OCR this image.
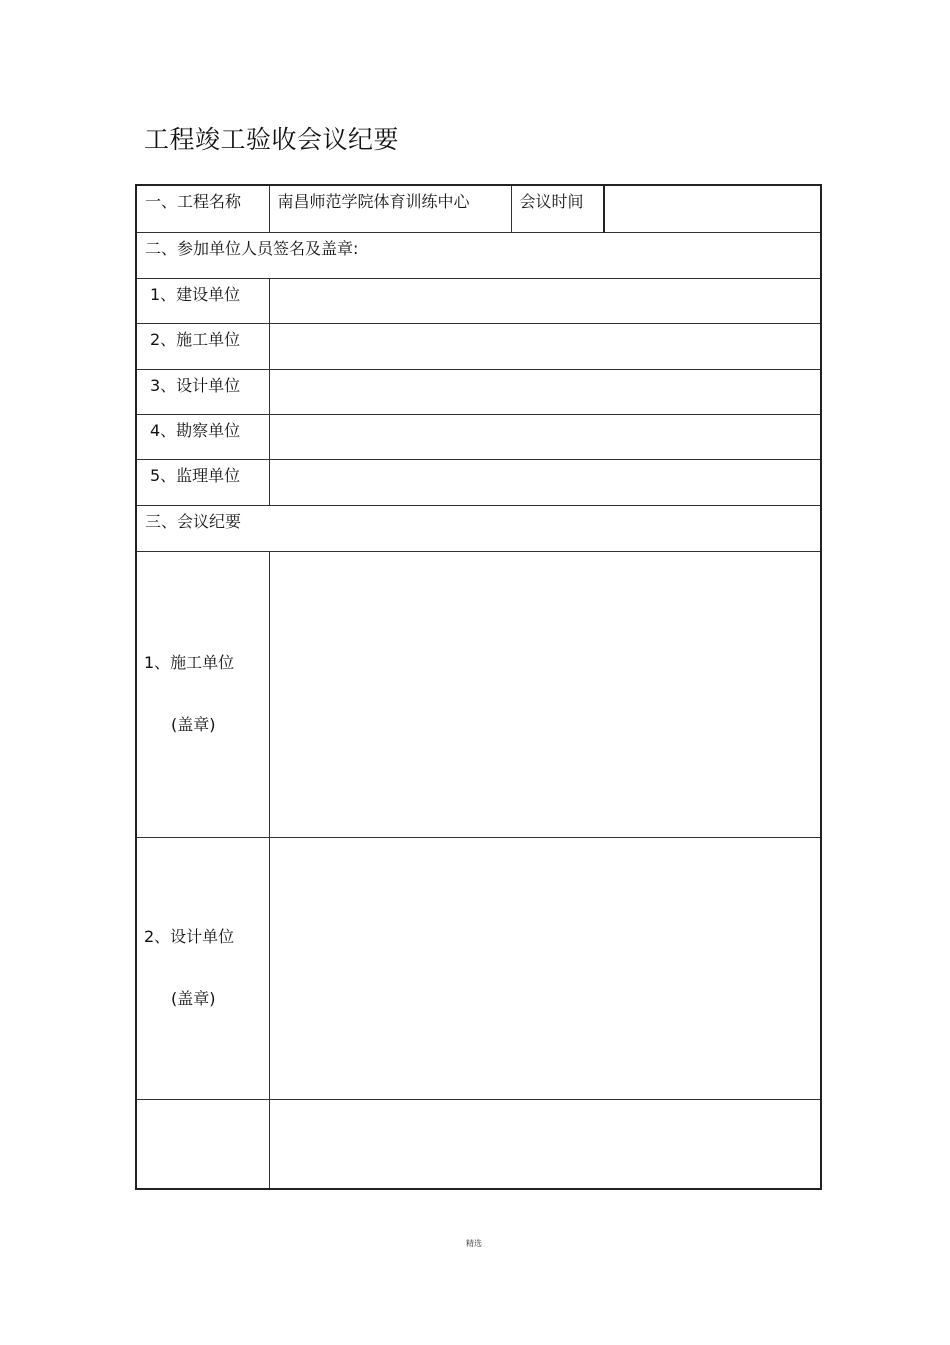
工程竣工验收会议纪要
一、工程名称	南昌师范学院体育训练中心	会议时间	

二、参加单位人员签名及盖章:			

1、建设单位			

2、施工单位			

3、设计单位			

4、勘察单位			

5、监理单位			

三、会议纪要			

1、施工单位
(盖章)			

2、设计单位
(盖章)			

精选
